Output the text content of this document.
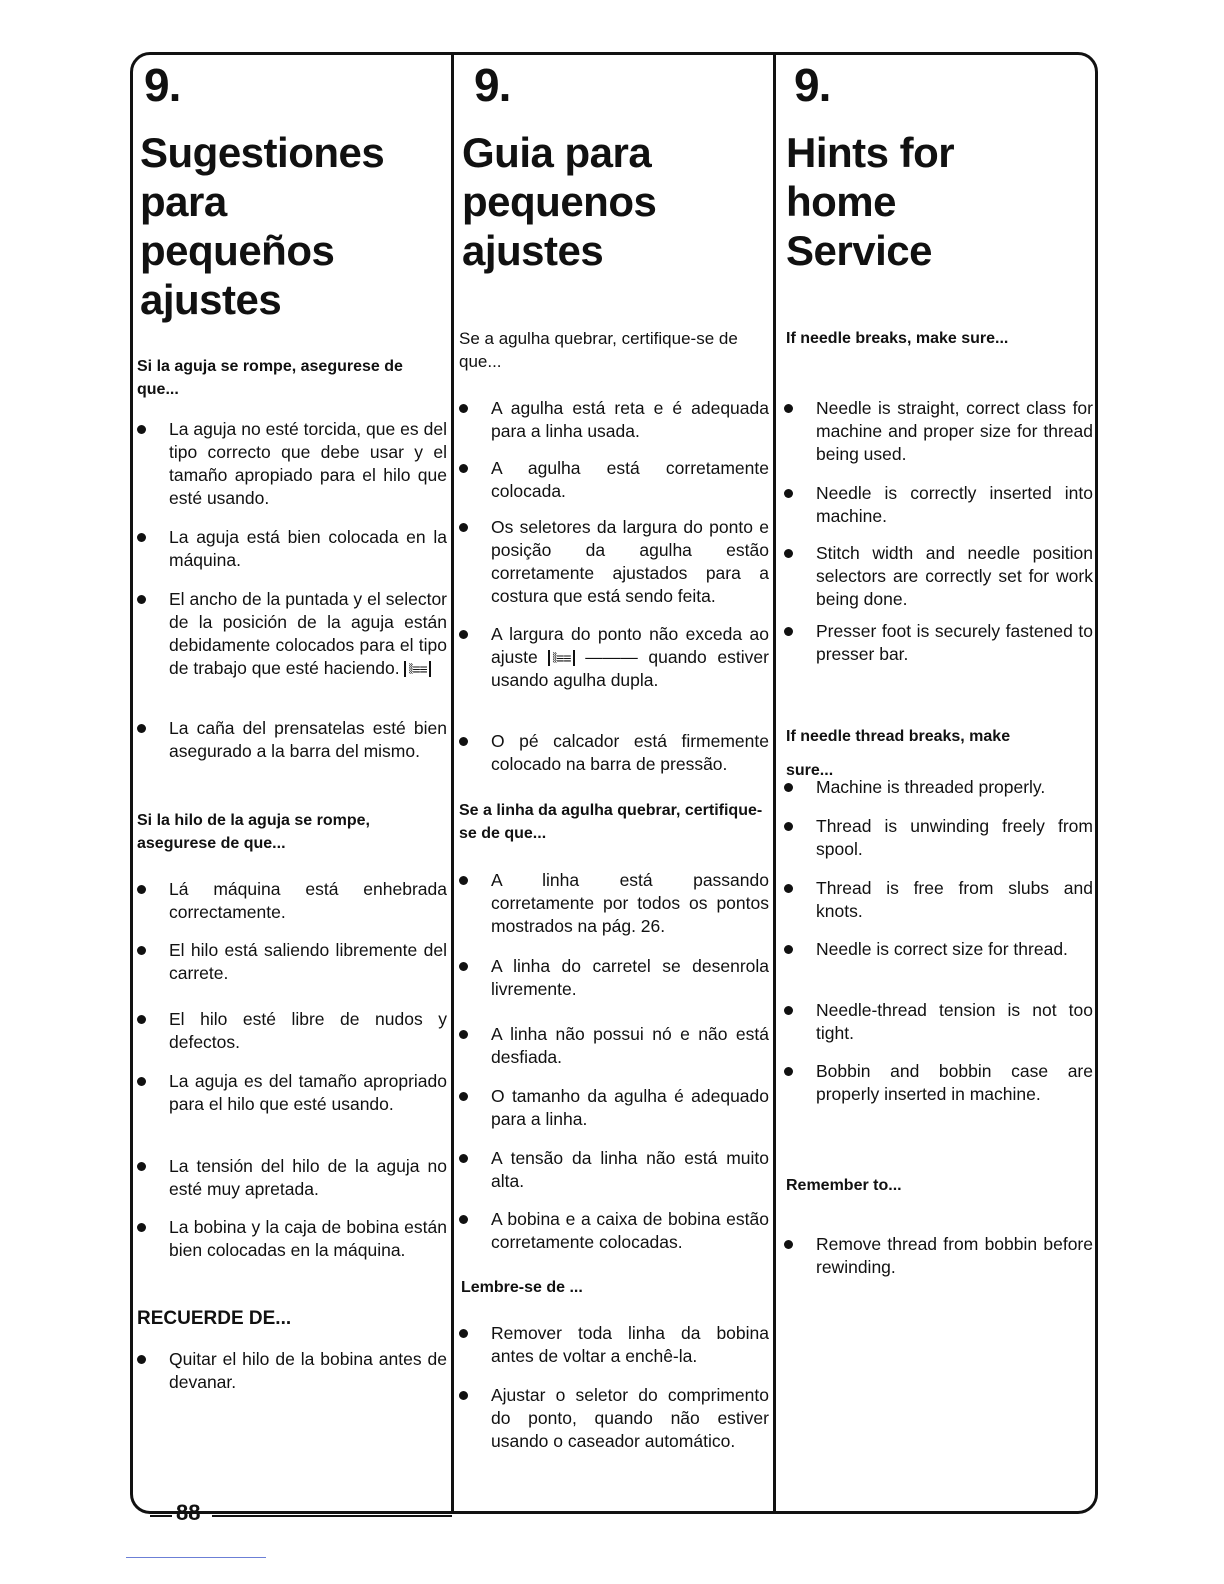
9.
Sugestiones
para
pequeños
ajustes
Si la aguja se rompe, asegurese de que...
La aguja no esté torcida, que es del tipo correcto que debe usar y el tamaño apropiado para el hilo que esté usando.
La aguja está bien colocada en la máquina.
El ancho de la puntada y el selector de la posición de la aguja están debidamente colocados para el tipo de trabajo que esté haciendo. ⦚⦚≡≡
La caña del prensatelas esté bien asegurado a la barra del mismo.
Si la hilo de la aguja se rompe, asegurese de que...
Lá máquina está enhebrada correctamente.
El hilo está saliendo libremente del carrete.
El hilo esté libre de nudos y defectos.
La aguja es del tamaño apropriado para el hilo que esté usando.
La tensión del hilo de la aguja no esté muy apretada.
La bobina y la caja de bobina están bien colocadas en la máquina.
RECUERDE DE...
Quitar el hilo de la bobina antes de devanar.
9.
Guia para
pequenos
ajustes
Se a agulha quebrar, certifique-se de que...
A agulha está reta e é adequada para a linha usada.
A agulha está corretamente colocada.
Os seletores da largura do ponto e posição da agulha estão corretamente ajustados para a costura que está sendo feita.
A largura do ponto não exceda ao ajuste ⦚⦚≡≡ ——— quando estiver usando agulha dupla.
O pé calcador está firmemente colocado na barra de pressão.
Se a linha da agulha quebrar, certifique-se de que...
A linha está passando corretamente por todos os pontos mostrados na pág. 26.
A linha do carretel se desenrola livremente.
A linha não possui nó e não está desfiada.
O tamanho da agulha é adequado para a linha.
A tensão da linha não está muito alta.
A bobina e a caixa de bobina estão corretamente colocadas.
Lembre-se de ...
Remover toda linha da bobina antes de voltar a enchê-la.
Ajustar o seletor do comprimento do ponto, quando não estiver usando o caseador automático.
9.
Hints for
home
Service
If needle breaks, make sure...
Needle is straight, correct class for machine and proper size for thread being used.
Needle is correctly inserted into machine.
Stitch width and needle position selectors are correctly set for work being done.
Presser foot is securely fastened to presser bar.
If needle thread breaks, make sure...
Machine is threaded properly.
Thread is unwinding freely from spool.
Thread is free from slubs and knots.
Needle is correct size for thread.
Needle-thread tension is not too tight.
Bobbin and bobbin case are properly inserted in machine.
Remember to...
Remove thread from bobbin before rewinding.
88
